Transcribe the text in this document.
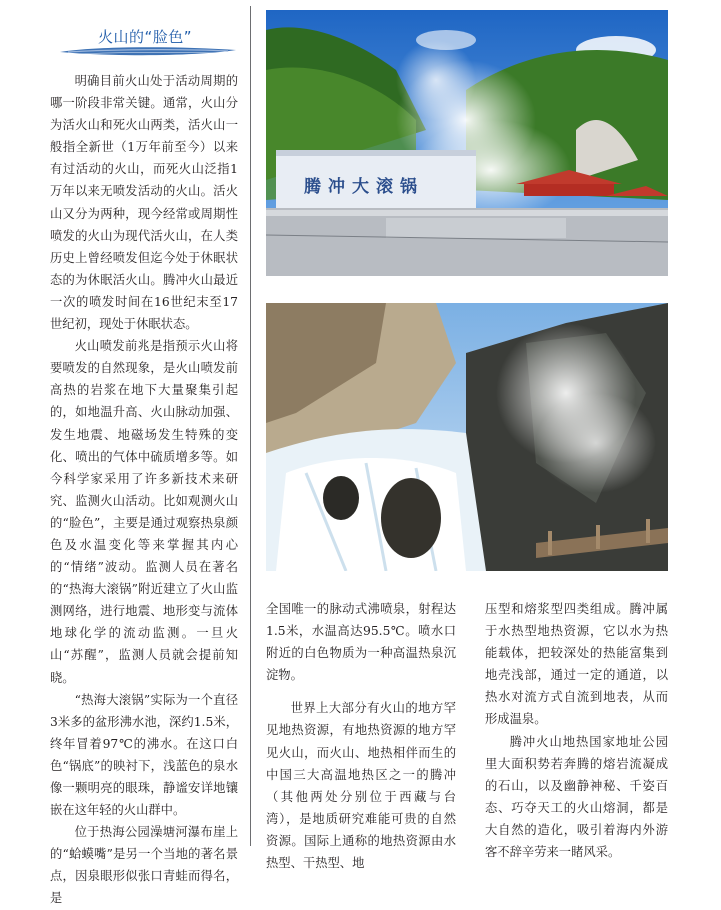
火山的“脸色”

明确目前火山处于活动周期的哪一阶段非常关键。通常，火山分为活火山和死火山两类，活火山一般指全新世（1万年前至今）以来有过活动的火山，而死火山泛指1万年以来无喷发活动的火山。活火山又分为两种，现今经常或周期性喷发的火山为现代活火山，在人类历史上曾经喷发但迄今处于休眠状态的为休眠活火山。腾冲火山最近一次的喷发时间在16世纪末至17世纪初，现处于休眠状态。

火山喷发前兆是指预示火山将要喷发的自然现象，是火山喷发前高热的岩浆在地下大量聚集引起的，如地温升高、火山脉动加强、发生地震、地磁场发生特殊的变化、喷出的气体中硫质增多等。如今科学家采用了许多新技术来研究、监测火山活动。比如观测火山的“脸色”，主要是通过观察热泉颜色及水温变化等来掌握其内心的“情绪”波动。监测人员在著名的“热海大滚锅”附近建立了火山监测网络，进行地震、地形变与流体地球化学的流动监测。一旦火山“苏醒”，监测人员就会提前知晓。

“热海大滚锅”实际为一个直径3米多的盆形沸水池，深约1.5米，终年冒着97℃的沸水。在这口白色“锅底”的映衬下，浅蓝色的泉水像一颗明亮的眼珠，静谧安详地镶嵌在这年轻的火山群中。

位于热海公园澡塘河瀑布崖上的“蛤蟆嘴”是另一个当地的著名景点，因泉眼形似张口青蛙而得名，是

腾冲大滚锅

全国唯一的脉动式沸喷泉，射程达1.5米，水温高达95.5℃。喷水口附近的白色物质为一种高温热泉沉淀物。

世界上大部分有火山的地方罕见地热资源，有地热资源的地方罕见火山，而火山、地热相伴而生的中国三大高温地热区之一的腾冲（其他两处分别位于西藏与台湾），是地质研究难能可贵的自然资源。国际上通称的地热资源由水热型、干热型、地

压型和熔浆型四类组成。腾冲属于水热型地热资源，它以水为热能载体，把较深处的热能富集到地壳浅部，通过一定的通道，以热水对流方式自流到地表，从而形成温泉。

腾冲火山地热国家地址公园里大面积势若奔腾的熔岩流凝成的石山，以及幽静神秘、千姿百态、巧夺天工的火山熔洞，都是大自然的造化，吸引着海内外游客不辞辛劳来一睹风采。
